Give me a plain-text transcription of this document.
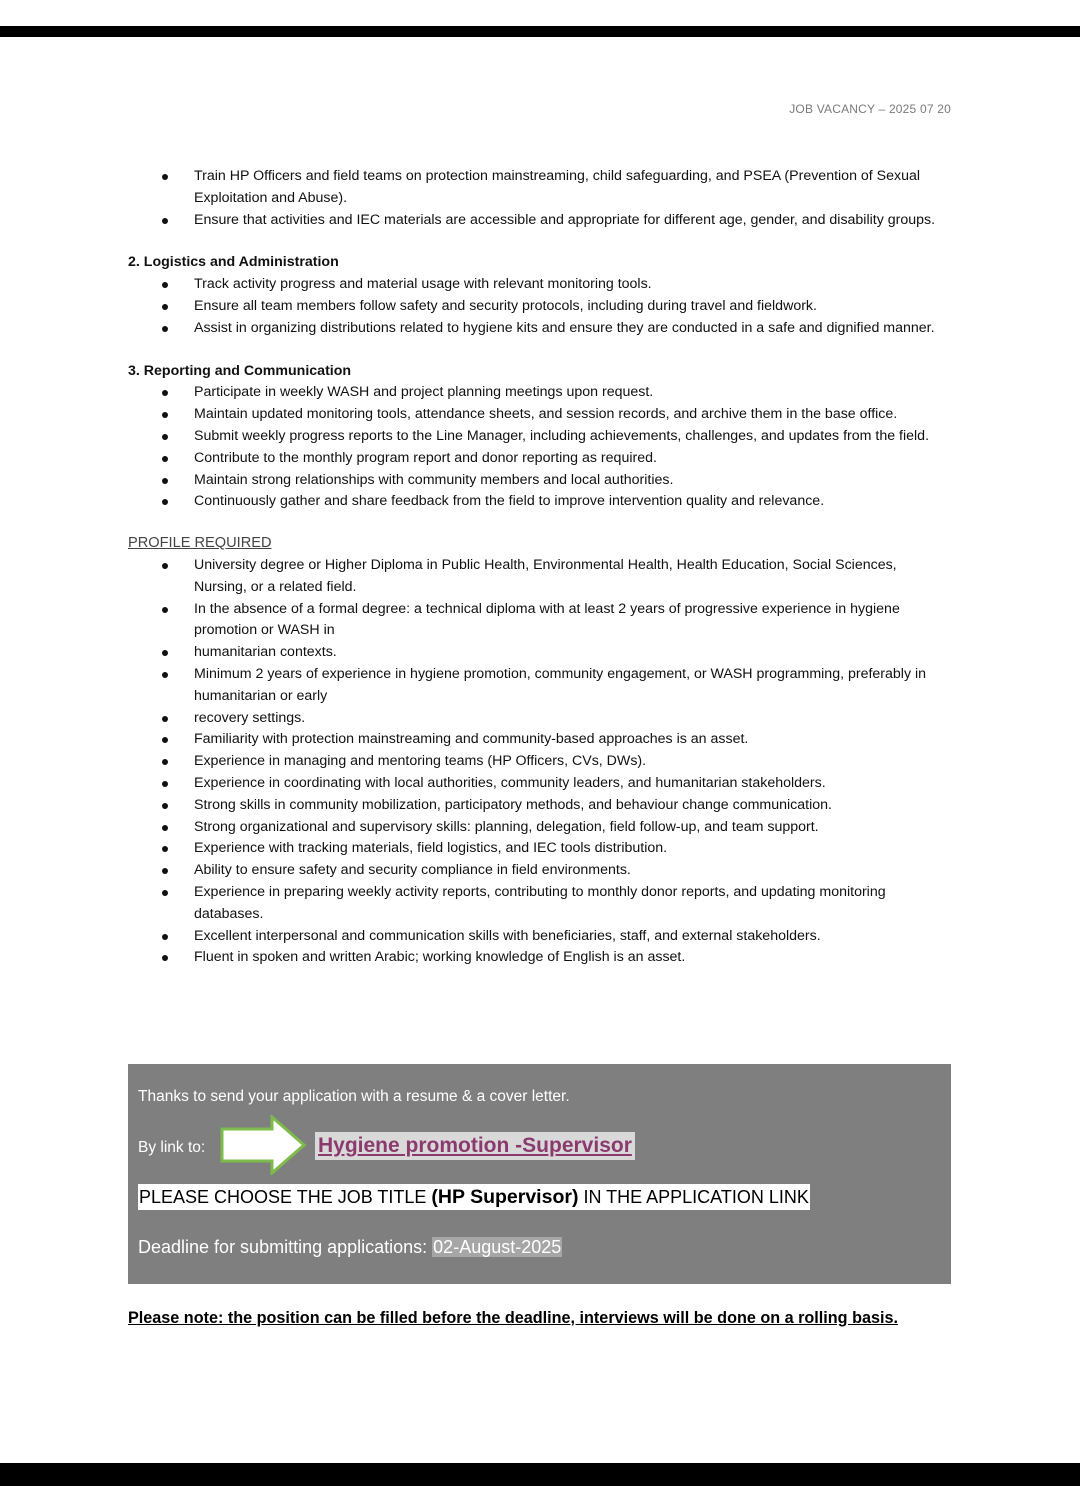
JOB VACANCY – 2025 07 20
Train HP Officers and field teams on protection mainstreaming, child safeguarding, and PSEA (Prevention of Sexual Exploitation and Abuse).
Ensure that activities and IEC materials are accessible and appropriate for different age, gender, and disability groups.
2. Logistics and Administration
Track activity progress and material usage with relevant monitoring tools.
Ensure all team members follow safety and security protocols, including during travel and fieldwork.
Assist in organizing distributions related to hygiene kits and ensure they are conducted in a safe and dignified manner.
3. Reporting and Communication
Participate in weekly WASH and project planning meetings upon request.
Maintain updated monitoring tools, attendance sheets, and session records, and archive them in the base office.
Submit weekly progress reports to the Line Manager, including achievements, challenges, and updates from the field.
Contribute to the monthly program report and donor reporting as required.
Maintain strong relationships with community members and local authorities.
Continuously gather and share feedback from the field to improve intervention quality and relevance.
PROFILE REQUIRED
University degree or Higher Diploma in Public Health, Environmental Health, Health Education, Social Sciences, Nursing, or a related field.
In the absence of a formal degree: a technical diploma with at least 2 years of progressive experience in hygiene promotion or WASH in
humanitarian contexts.
Minimum 2 years of experience in hygiene promotion, community engagement, or WASH programming, preferably in humanitarian or early
recovery settings.
Familiarity with protection mainstreaming and community-based approaches is an asset.
Experience in managing and mentoring teams (HP Officers, CVs, DWs).
Experience in coordinating with local authorities, community leaders, and humanitarian stakeholders.
Strong skills in community mobilization, participatory methods, and behaviour change communication.
Strong organizational and supervisory skills: planning, delegation, field follow-up, and team support.
Experience with tracking materials, field logistics, and IEC tools distribution.
Ability to ensure safety and security compliance in field environments.
Experience in preparing weekly activity reports, contributing to monthly donor reports, and updating monitoring databases.
Excellent interpersonal and communication skills with beneficiaries, staff, and external stakeholders.
Fluent in spoken and written Arabic; working knowledge of English is an asset.
Thanks to send your application with a resume & a cover letter.
By link to:	Hygiene promotion -Supervisor
PLEASE CHOOSE THE JOB TITLE (HP Supervisor) IN THE APPLICATION LINK
Deadline for submitting applications: 02-August-2025
Please note: the position can be filled before the deadline, interviews will be done on a rolling basis.
